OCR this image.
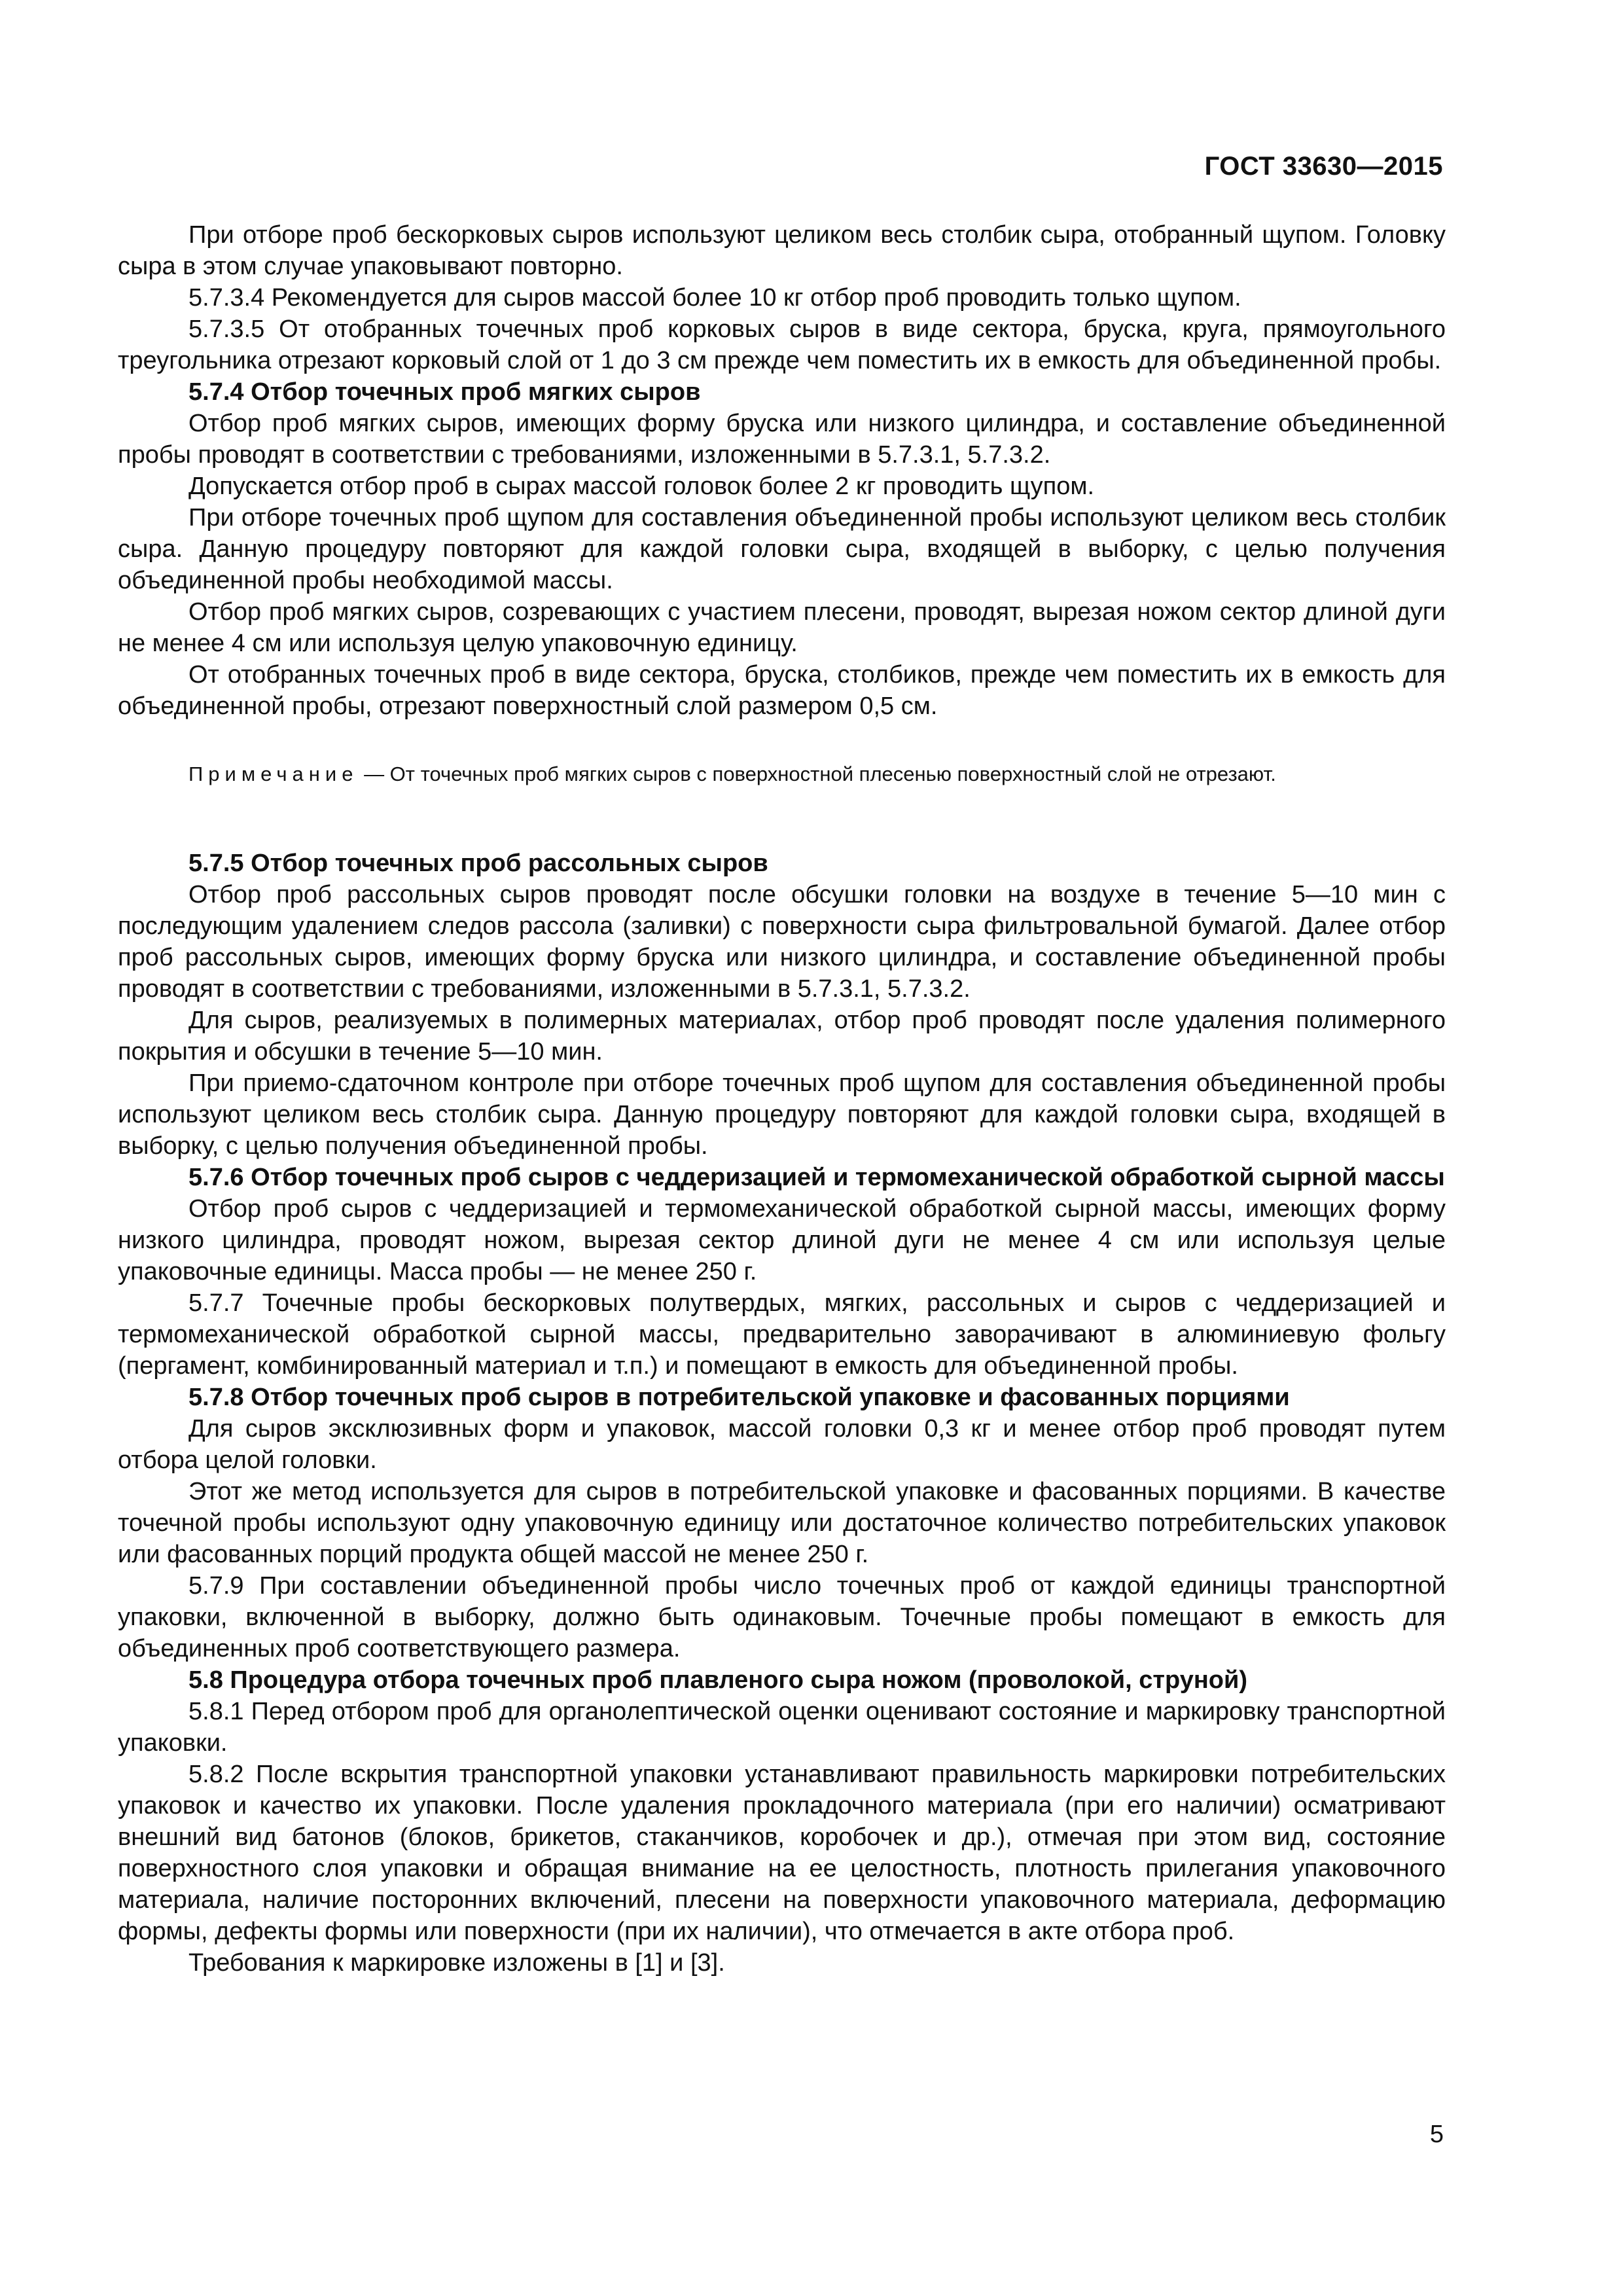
ГОСТ 33630—2015

При отборе проб бескорковых сыров используют целиком весь столбик сыра, отобранный щупом. Головку сыра в этом случае упаковывают повторно.

5.7.3.4 Рекомендуется для сыров массой более 10 кг отбор проб проводить только щупом.

5.7.3.5 От отобранных точечных проб корковых сыров в виде сектора, бруска, круга, прямоугольного треугольника отрезают корковый слой от 1 до 3 см прежде чем поместить их в емкость для объединенной пробы.

5.7.4 Отбор точечных проб мягких сыров

Отбор проб мягких сыров, имеющих форму бруска или низкого цилиндра, и составление объединенной пробы проводят в соответствии с требованиями, изложенными в 5.7.3.1, 5.7.3.2.

Допускается отбор проб в сырах массой головок более 2 кг проводить щупом.

При отборе точечных проб щупом для составления объединенной пробы используют целиком весь столбик сыра. Данную процедуру повторяют для каждой головки сыра, входящей в выборку, с целью получения объединенной пробы необходимой массы.

Отбор проб мягких сыров, созревающих с участием плесени, проводят, вырезая ножом сектор длиной дуги не менее 4 см или используя целую упаковочную единицу.

От отобранных точечных проб в виде сектора, бруска, столбиков, прежде чем поместить их в емкость для объединенной пробы, отрезают поверхностный слой размером 0,5 см.

Примечание — От точечных проб мягких сыров с поверхностной плесенью поверхностный слой не отрезают.

5.7.5 Отбор точечных проб рассольных сыров

Отбор проб рассольных сыров проводят после обсушки головки на воздухе в течение 5—10 мин с последующим удалением следов рассола (заливки) с поверхности сыра фильтровальной бумагой. Далее отбор проб рассольных сыров, имеющих форму бруска или низкого цилиндра, и составление объединенной пробы проводят в соответствии с требованиями, изложенными в 5.7.3.1, 5.7.3.2.

Для сыров, реализуемых в полимерных материалах, отбор проб проводят после удаления полимерного покрытия и обсушки в течение 5—10 мин.

При приемо-сдаточном контроле при отборе точечных проб щупом для составления объединенной пробы используют целиком весь столбик сыра. Данную процедуру повторяют для каждой головки сыра, входящей в выборку, с целью получения объединенной пробы.

5.7.6 Отбор точечных проб сыров с чеддеризацией и термомеханической обработкой сырной массы

Отбор проб сыров с чеддеризацией и термомеханической обработкой сырной массы, имеющих форму низкого цилиндра, проводят ножом, вырезая сектор длиной дуги не менее 4 см или используя целые упаковочные единицы. Масса пробы — не менее 250 г.

5.7.7 Точечные пробы бескорковых полутвердых, мягких, рассольных и сыров с чеддеризацией и термомеханической обработкой сырной массы, предварительно заворачивают в алюминиевую фольгу (пергамент, комбинированный материал и т.п.) и помещают в емкость для объединенной пробы.

5.7.8 Отбор точечных проб сыров в потребительской упаковке и фасованных порциями

Для сыров эксклюзивных форм и упаковок, массой головки 0,3 кг и менее отбор проб проводят путем отбора целой головки.

Этот же метод используется для сыров в потребительской упаковке и фасованных порциями. В качестве точечной пробы используют одну упаковочную единицу или достаточное количество потребительских упаковок или фасованных порций продукта общей массой не менее 250 г.

5.7.9 При составлении объединенной пробы число точечных проб от каждой единицы транспортной упаковки, включенной в выборку, должно быть одинаковым. Точечные пробы помещают в емкость для объединенных проб соответствующего размера.

5.8 Процедура отбора точечных проб плавленого сыра ножом (проволокой, струной)

5.8.1 Перед отбором проб для органолептической оценки оценивают состояние и маркировку транспортной упаковки.

5.8.2 После вскрытия транспортной упаковки устанавливают правильность маркировки потребительских упаковок и качество их упаковки. После удаления прокладочного материала (при его наличии) осматривают внешний вид батонов (блоков, брикетов, стаканчиков, коробочек и др.), отмечая при этом вид, состояние поверхностного слоя упаковки и обращая внимание на ее целостность, плотность прилегания упаковочного материала, наличие посторонних включений, плесени на поверхности упаковочного материала, деформацию формы, дефекты формы или поверхности (при их наличии), что отмечается в акте отбора проб.

Требования к маркировке изложены в [1] и [3].

5
